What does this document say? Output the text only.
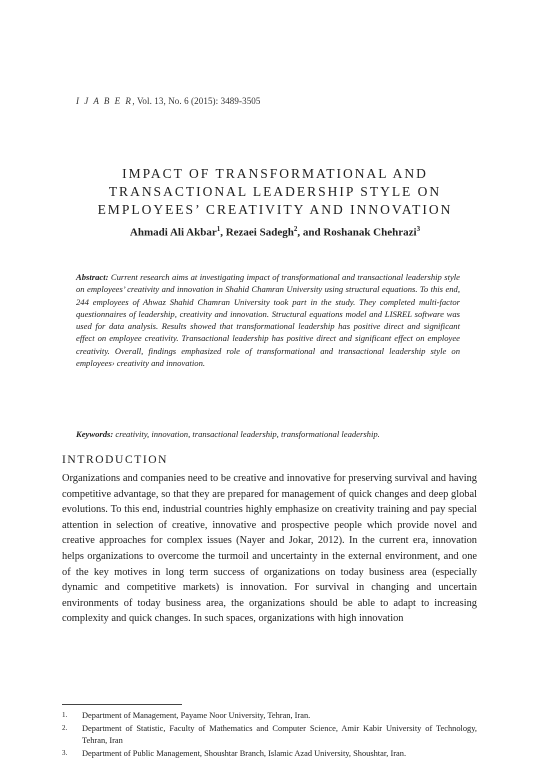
I J A B E R, Vol. 13, No. 6 (2015): 3489-3505
IMPACT OF TRANSFORMATIONAL AND
TRANSACTIONAL LEADERSHIP STYLE ON
EMPLOYEES’ CREATIVITY AND INNOVATION
Ahmadi Ali Akbar$^1$, Rezaei Sadegh$^2$, and Roshanak Chehrazi$^3$
Abstract: Current research aims at investigating impact of transformational and transactional leadership style on employees’ creativity and innovation in Shahid Chamran University using structural equations. To this end, 244 employees of Ahwaz Shahid Chamran University took part in the study. They completed multi-factor questionnaires of leadership, creativity and innovation. Structural equations model and LISREL software was used for data analysis. Results showed that transformational leadership has positive direct and significant effect on employee creativity. Transactional leadership has positive direct and significant effect on employee creativity. Overall, findings emphasized role of transformational and transactional leadership style on employees› creativity and innovation.
Keywords: creativity, innovation, transactional leadership, transformational leadership.
INTRODUCTION
Organizations and companies need to be creative and innovative for preserving survival and having competitive advantage, so that they are prepared for management of quick changes and deep global evolutions. To this end, industrial countries highly emphasize on creativity training and pay special attention in selection of creative, innovative and prospective people which provide novel and creative approaches for complex issues (Nayer and Jokar, 2012). In the current era, innovation helps organizations to overcome the turmoil and uncertainty in the external environment, and one of the key motives in long term success of organizations on today business area (especially dynamic and competitive markets) is innovation. For survival in changing and uncertain environments of today business area, the organizations should be able to adapt to increasing complexity and quick changes. In such spaces, organizations with high innovation
1.	Department of Management, Payame Noor University, Tehran, Iran.
2.	Department of Statistic, Faculty of Mathematics and Computer Science, Amir Kabir University of Technology, Tehran, Iran
3.	Department of Public Management, Shoushtar Branch, Islamic Azad University, Shoushtar, Iran.
